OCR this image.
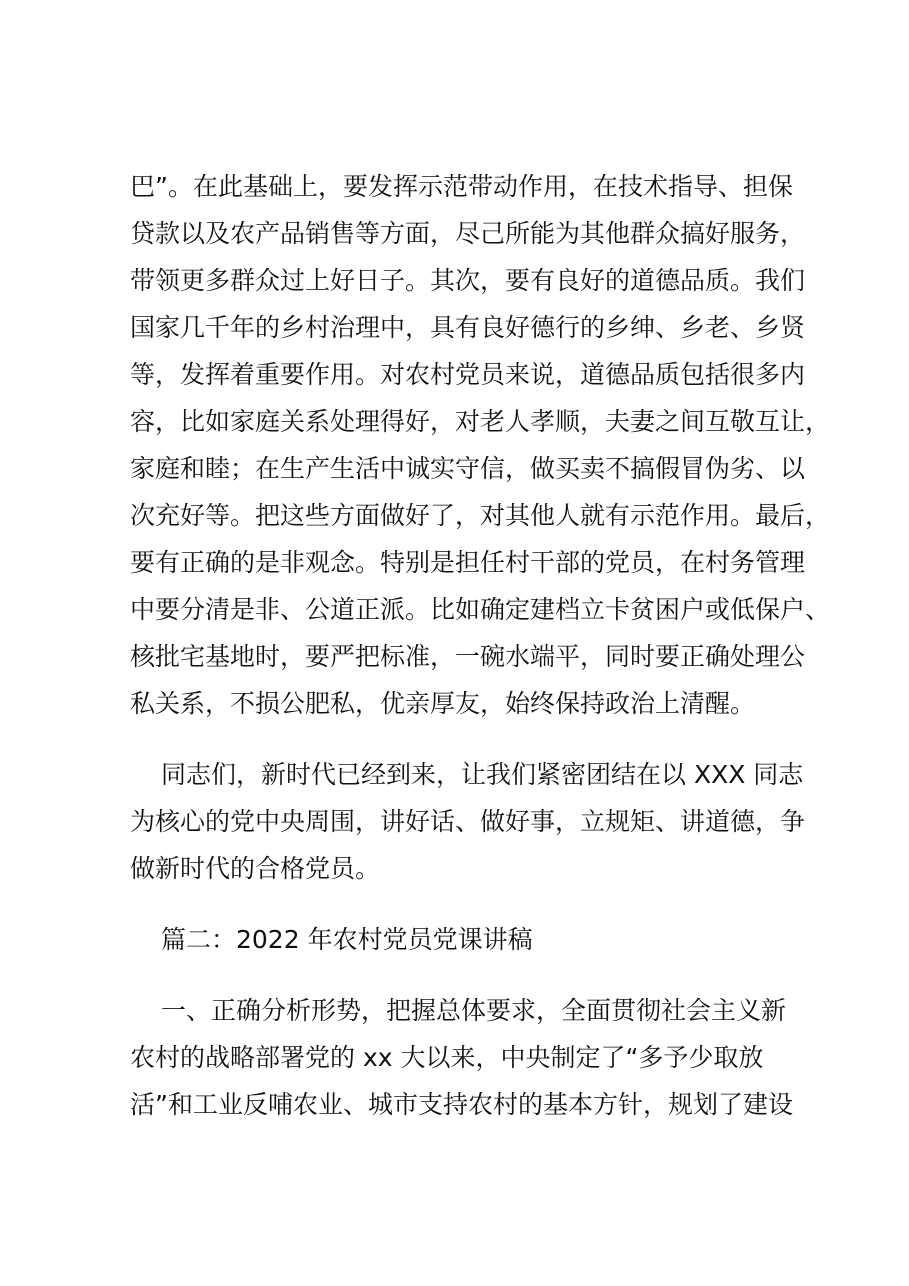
巴”。在此基础上，要发挥示范带动作用，在技术指导、担保

贷款以及农产品销售等方面，尽己所能为其他群众搞好服务，

带领更多群众过上好日子。其次，要有良好的道德品质。我们

国家几千年的乡村治理中，具有良好德行的乡绅、乡老、乡贤

等，发挥着重要作用。对农村党员来说，道德品质包括很多内

容，比如家庭关系处理得好，对老人孝顺，夫妻之间互敬互让，

家庭和睦；在生产生活中诚实守信，做买卖不搞假冒伪劣、以

次充好等。把这些方面做好了，对其他人就有示范作用。最后，

要有正确的是非观念。特别是担任村干部的党员，在村务管理

中要分清是非、公道正派。比如确定建档立卡贫困户或低保户、

核批宅基地时，要严把标准，一碗水端平，同时要正确处理公

私关系，不损公肥私，优亲厚友，始终保持政治上清醒。

同志们，新时代已经到来，让我们紧密团结在以 XXX 同志

为核心的党中央周围，讲好话、做好事，立规矩、讲道德，争

做新时代的合格党员。

篇二：2022 年农村党员党课讲稿

一、正确分析形势，把握总体要求，全面贯彻社会主义新

农村的战略部署党的 xx 大以来，中央制定了“多予少取放

活”和工业反哺农业、城市支持农村的基本方针，规划了建设
